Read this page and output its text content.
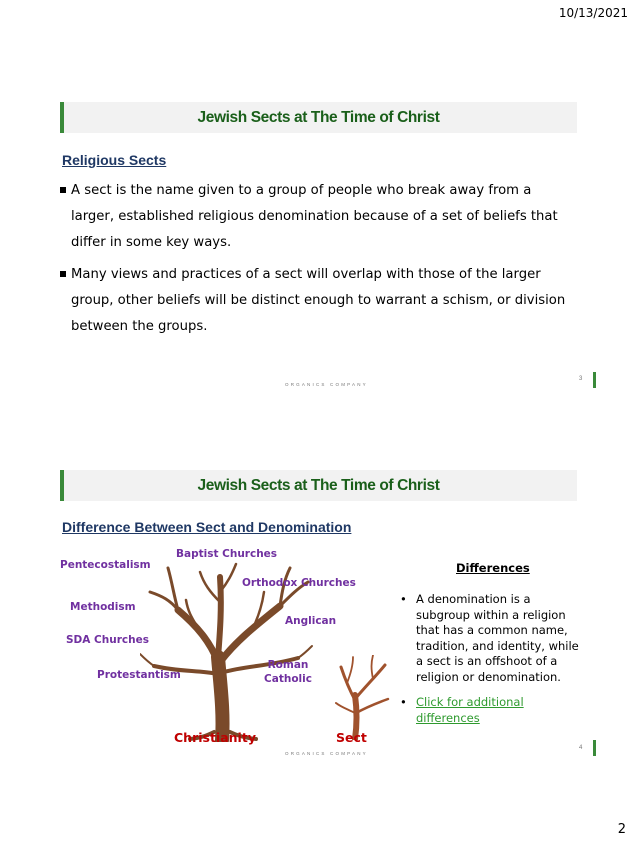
10/13/2021
Jewish Sects at The Time of Christ
Religious Sects
A sect is the name given to a group of people who break away from a larger, established religious denomination because of a set of beliefs that differ in some key ways.
Many views and practices of a sect will overlap with those of the larger group, other beliefs will be distinct enough to warrant a schism, or division between the groups.
ORGANICS COMPANY
3
Jewish Sects at The Time of Christ
Difference Between Sect and Denomination
Pentecostalism
Baptist Churches
Orthodox Churches
Methodism
Anglican
SDA Churches
Roman Catholic
Protestantism
Christianity	Sect
Differences
• A denomination is a subgroup within a religion that has a common name, tradition, and identity, while a sect is an offshoot of a religion or denomination.
• Click for additional differences
ORGANICS COMPANY
4
2
